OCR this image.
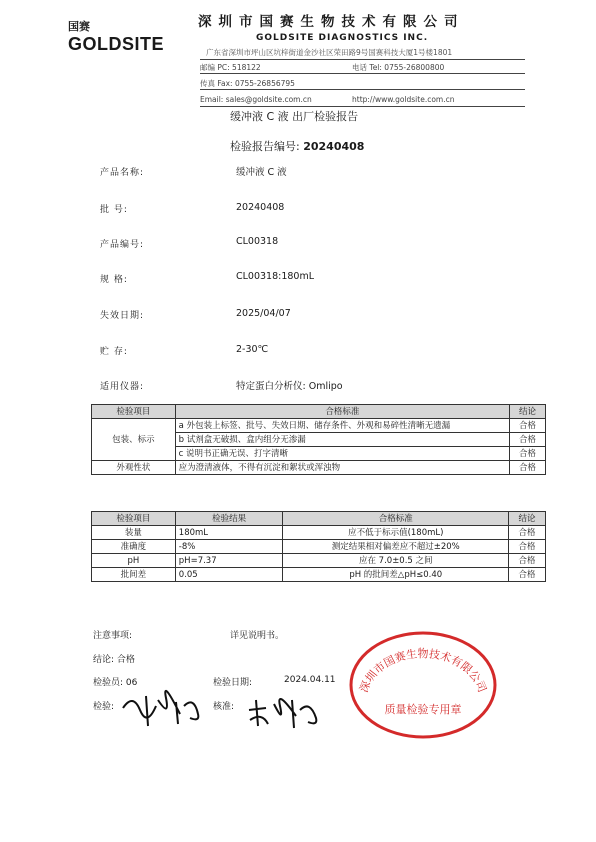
国赛
GOLDSITE
深圳市国赛生物技术有限公司
GOLDSITE DIAGNOSTICS INC.
广东省深圳市坪山区坑梓街道金沙社区荣田路9号国赛科技大厦1号楼1801
邮编 PC: 518122	电话 Tel: 0755-26800800
传真 Fax: 0755-26856795
Email: sales@goldsite.com.cn	http://www.goldsite.com.cn
缓冲液 C 液 出厂检验报告
检验报告编号: 20240408
产品名称:	缓冲液 C 液
批 号:	20240408
产品编号:	CL00318
规 格:	CL00318:180mL
失效日期:	2025/04/07
贮 存:	2-30℃
适用仪器:	特定蛋白分析仪: Omlipo
检验项目	合格标准	结论
包装、标示	a 外包装上标签、批号、失效日期、储存条件、外观和易碎性清晰无遗漏	合格
	b 试剂盒无破损、盒内组分无渗漏	合格
	c 说明书正确无误、打字清晰	合格
外观性状	应为澄清液体，不得有沉淀和絮状或浑浊物	合格
检验项目	检验结果	合格标准	结论
装量	180mL	应不低于标示值(180mL)	合格
准确度	-8%	测定结果相对偏差应不超过±20%	合格
pH	pH=7.37	应在 7.0±0.5 之间	合格
批间差	0.05	pH 的批间差△pH≤0.40	合格
注意事项:	详见说明书。
结论: 合格
检验员: 06	检验日期:	2024.04.11
检验:	核准:
深圳市国赛生物技术有限公司
质量检验专用章
